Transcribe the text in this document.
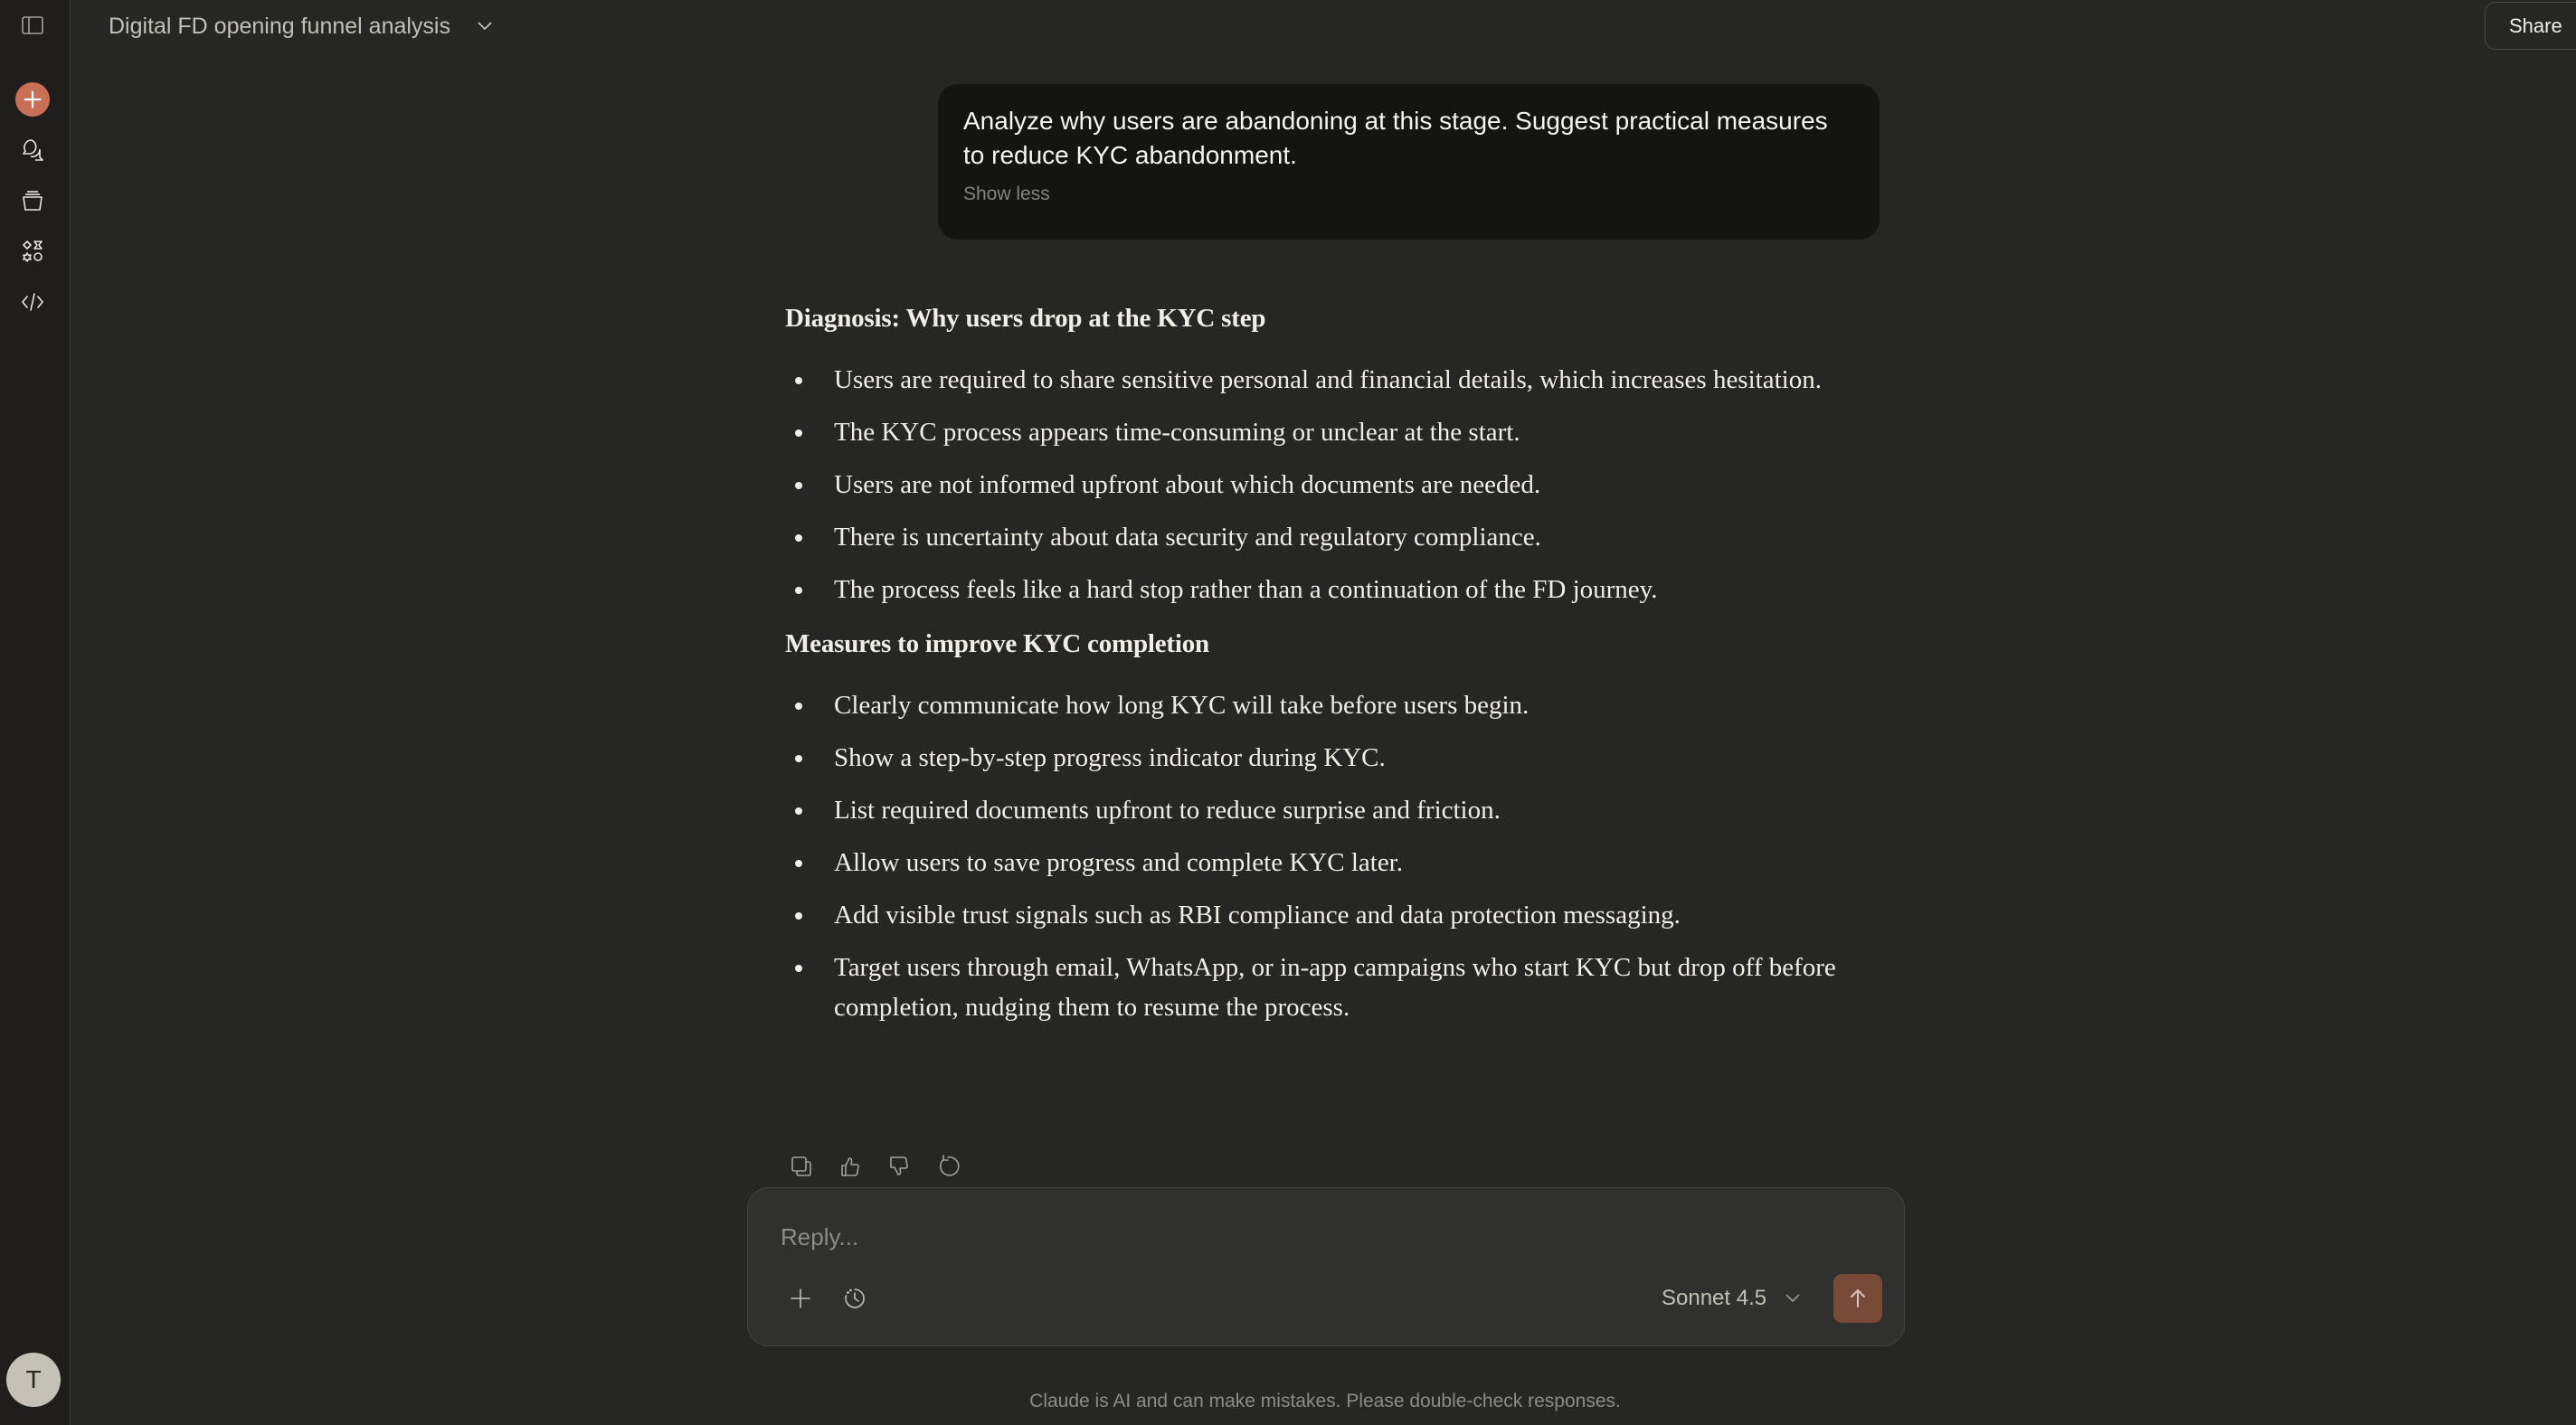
T
Digital FD opening funnel analysis	Share
Analyze why users are abandoning at this stage. Suggest practical measures to reduce KYC abandonment.
Show less
Diagnosis: Why users drop at the KYC step
Users are required to share sensitive personal and financial details, which increases hesitation.
The KYC process appears time-consuming or unclear at the start.
Users are not informed upfront about which documents are needed.
There is uncertainty about data security and regulatory compliance.
The process feels like a hard stop rather than a continuation of the FD journey.
Measures to improve KYC completion
Clearly communicate how long KYC will take before users begin.
Show a step-by-step progress indicator during KYC.
List required documents upfront to reduce surprise and friction.
Allow users to save progress and complete KYC later.
Add visible trust signals such as RBI compliance and data protection messaging.
Target users through email, WhatsApp, or in-app campaigns who start KYC but drop off before completion, nudging them to resume the process.
Reply...
Sonnet 4.5
Claude is AI and can make mistakes. Please double-check responses.
